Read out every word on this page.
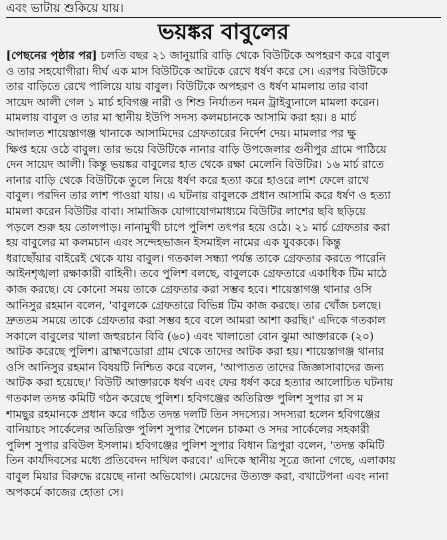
এবং ভাটায় শুকিয়ে যায়।
ভয়ঙ্কর বাবুলের
[পেছনের পৃষ্ঠার পর] চলতি বছর ২১ জানুয়ারি বাড়ি থেকে বিউটিকে অপহরণ করে বাবুল
ও তার সহযোগীরা। দীর্ঘ এক মাস বিউটিকে আটকে রেখে ধর্ষণ করে সে। এরপর বিউটিকে
তার বাড়িতে রেখে পালিয়ে যায় বাবুল। বিউটিকে অপহরণ ও ধর্ষণ মামলায় তার বাবা
সায়েদ আলী গেল ১ মার্চ হবিগঞ্জ নারী ও শিশু নির্যাতন দমন ট্রাইব্যুনালে মামলা করেন।
মামলায় বাবুল ও তার মা স্থানীয় ইউপি সদস্য কলমচানকে আসামি করা হয়। ৪ মার্চ
আদালত শায়েস্তাগঞ্জ থানাকে আসামিদের গ্রেফতারের নির্দেশ দেয়। মামলার পর ক্ষু
ক্ষিপ্ত হয়ে ওঠে বাবুল। তার ভয়ে বিউটিকে নানার বাড়ি উপজেলার গুনীপুর গ্রামে পাঠিয়ে
দেন সায়েদ আলী। কিন্তু ভয়ঙ্কর বাবুলের হাত থেকে রক্ষা মেলেনি বিউটির। ১৬ মার্চ রাতে
নানার বাড়ি থেকে বিউটিকে তুলে নিয়ে ধর্ষণ করে হত্যা করে হাওরে লাশ ফেলে রাখে
বাবুল। পরদিন তার লাশ পাওয়া যায়। এ ঘটনায় বাবুলকে প্রধান আসামি করে ধর্ষণ ও হত্যা
মামলা করেন বিউটির বাবা। সামাজিক যোগাযোগমাধ্যমে বিউটির লাশের ছবি ছড়িয়ে
পড়লে শুরু হয় তোলপাড়। নানামুখী চাপে পুলিশ তৎপর হয়ে ওঠে। ২১ মার্চ গ্রেফতার করা
হয় বাবুলের মা কলমচান এবং সন্দেহভাজন ইসমাইল নামের এক যুবককে। কিন্তু
ধরাছোঁয়ার বাইরেই থেকে যায় বাবুল। গতকাল সন্ধ্যা পর্যন্ত তাকে গ্রেফতার করতে পারেনি
আইনশৃঙ্খলা রক্ষাকারী বাহিনী। তবে পুলিশ বলছে, বাবুলকে গ্রেফতারে একাধিক টিম মাঠে
কাজ করছে। যে কোনো সময় তাকে গ্রেফতার করা সম্ভব হবে। শায়েস্তাগঞ্জ থানার ওসি
আনিসুর রহমান বলেন, 'বাবুলকে গ্রেফতারে বিভিন্ন টিম কাজ করছে। তার খোঁজ চলছে।
দ্রুততম সময়ে তাকে গ্রেফতার করা সম্ভব হবে বলে আমরা আশা করছি।' এদিকে গতকাল
সকালে বাবুলের খালা জহুরচান বিবি (৬০) এবং খালাতো বোন ঝুমা আক্তারকে (২০)
আটক করেছে পুলিশ। ব্রাহ্মণডোরা গ্রাম থেকে তাদের আটক করা হয়। শায়েস্তাগঞ্জ থানার
ওসি আনিসুর রহমান বিষয়টি নিশ্চিত করে বলেন, 'আপাতত তাদের জিজ্ঞাসাবাদের জন্য
আটক করা হয়েছে।' বিউটি আক্তারকে ধর্ষণ এবং ফের ধর্ষণ করে হত্যার আলোচিত ঘটনায়
গতকাল তদন্ত কমিটি গঠন করেছে পুলিশ। হবিগঞ্জের অতিরিক্ত পুলিশ সুপার রা স ম
শামছুর রহমানকে প্রধান করে গঠিত তদন্ত দলটি তিন সদস্যের। সদস্যরা হলেন হবিগঞ্জের
বানিয়াচং সার্কেলের অতিরিক্ত পুলিশ সুপার শৈলেন চাকমা ও সদর সার্কেলের সহকারী
পুলিশ সুপার রবিউল ইসলাম। হবিগঞ্জের পুলিশ সুপার বিধান ত্রিপুরা বলেন, 'তদন্ত কমিটি
তিন কার্যদিবসের মধ্যে প্রতিবেদন দাখিল করবে।' এদিকে স্থানীয় সূত্রে জানা গেছে, এলাকায়
বাবুল মিয়ার বিরুদ্ধে রয়েছে নানা অভিযোগ। মেয়েদের উত্যক্ত করা, বখাটেপনা এবং নানা
অপকর্মে কাজের হোতা সে।
